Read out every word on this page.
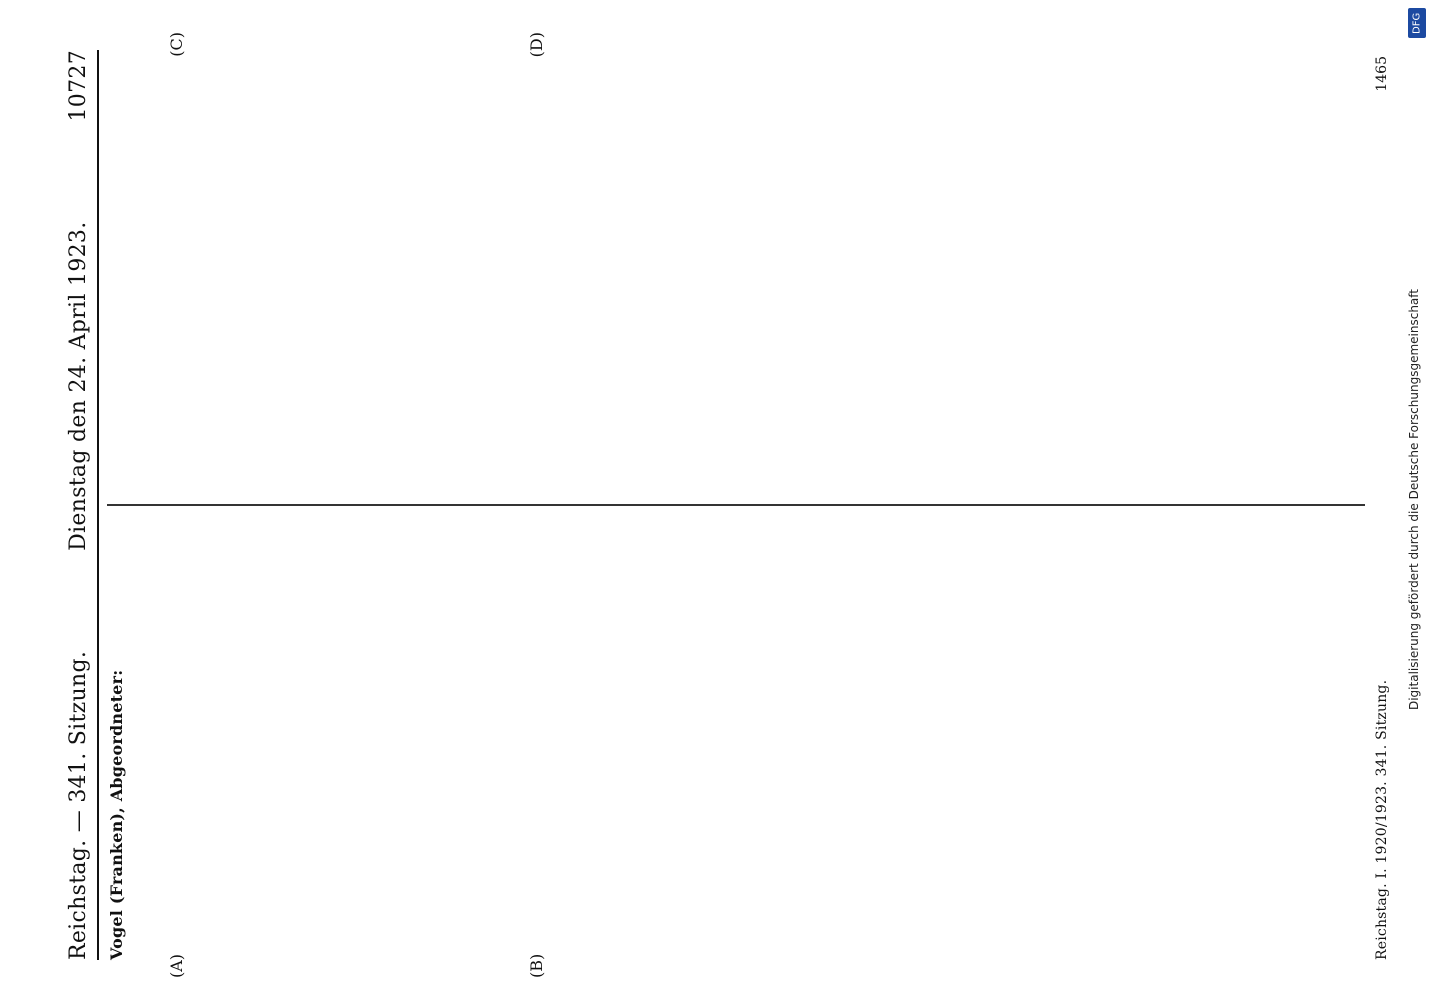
Reichstag. — 341. Sitzung.
Dienstag den 24. April 1923.
10727
(A)	(B)

Vogel (Franken), Abgeordneter:

(C)	(D)

Reichstag. I. 1920/1923. 341. Sitzung.
1465
Digitalisierung gefördert durch die Deutsche Forschungsgemeinschaft
DFG
